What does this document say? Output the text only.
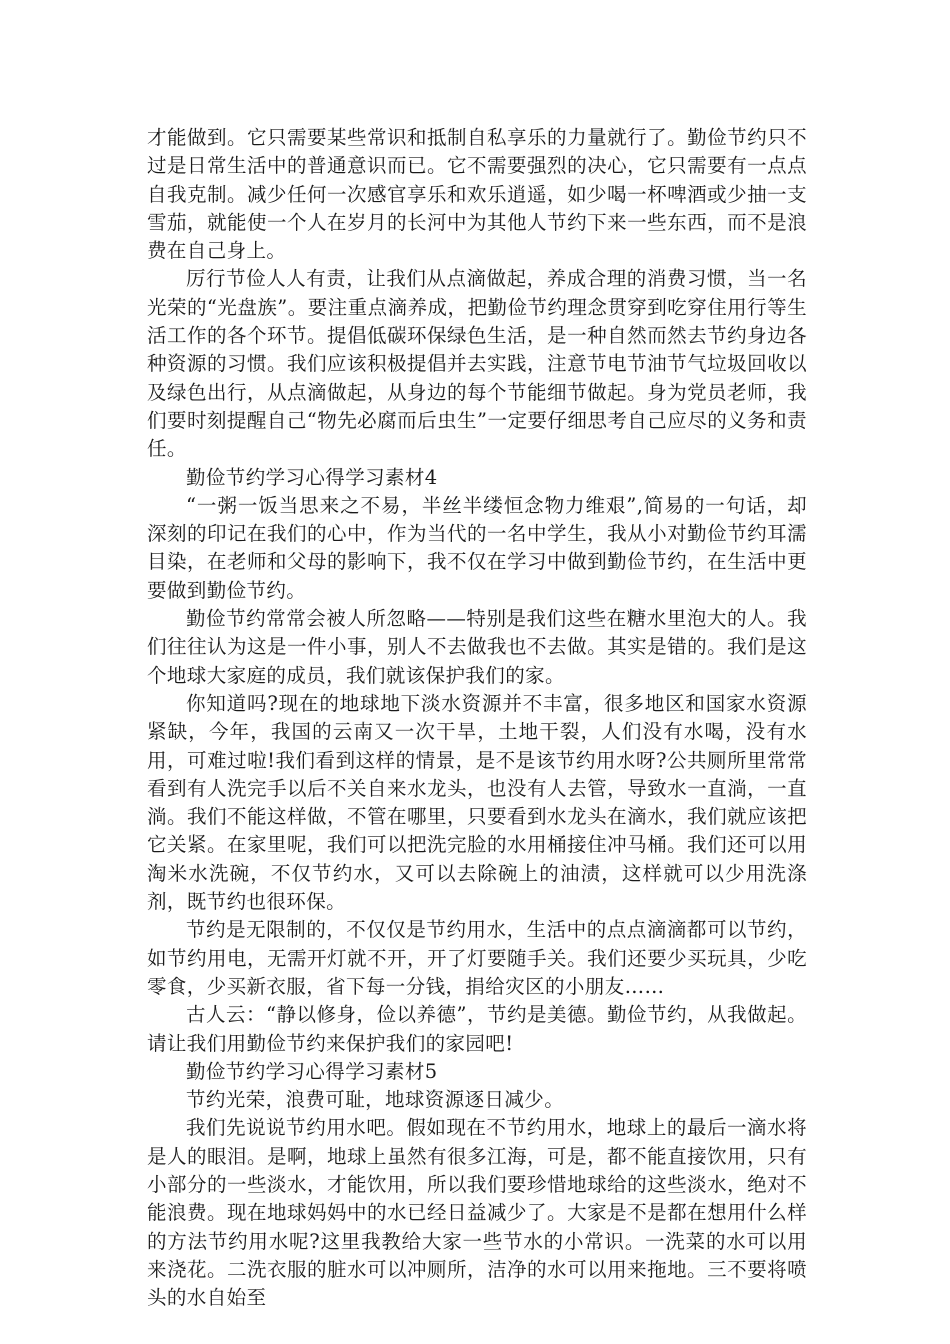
才能做到。它只需要某些常识和抵制自私享乐的力量就行了。勤俭节约只不过是日常生活中的普通意识而已。它不需要强烈的决心，它只需要有一点点自我克制。减少任何一次感官享乐和欢乐逍遥，如少喝一杯啤酒或少抽一支雪茄，就能使一个人在岁月的长河中为其他人节约下来一些东西，而不是浪费在自己身上。

厉行节俭人人有责，让我们从点滴做起，养成合理的消费习惯，当一名光荣的“光盘族”。要注重点滴养成，把勤俭节约理念贯穿到吃穿住用行等生活工作的各个环节。提倡低碳环保绿色生活，是一种自然而然去节约身边各种资源的习惯。我们应该积极提倡并去实践，注意节电节油节气垃圾回收以及绿色出行，从点滴做起，从身边的每个节能细节做起。身为党员老师，我们要时刻提醒自己“物先必腐而后虫生”一定要仔细思考自己应尽的义务和责任。

勤俭节约学习心得学习素材4

“一粥一饭当思来之不易，半丝半缕恒念物力维艰”,简易的一句话，却深刻的印记在我们的心中，作为当代的一名中学生，我从小对勤俭节约耳濡目染，在老师和父母的影响下，我不仅在学习中做到勤俭节约，在生活中更要做到勤俭节约。

勤俭节约常常会被人所忽略——特别是我们这些在糖水里泡大的人。我们往往认为这是一件小事，别人不去做我也不去做。其实是错的。我们是这个地球大家庭的成员，我们就该保护我们的家。

你知道吗?现在的地球地下淡水资源并不丰富，很多地区和国家水资源紧缺，今年，我国的云南又一次干旱，土地干裂，人们没有水喝，没有水用，可难过啦!我们看到这样的情景，是不是该节约用水呀?公共厕所里常常看到有人洗完手以后不关自来水龙头，也没有人去管，导致水一直淌，一直淌。我们不能这样做，不管在哪里，只要看到水龙头在滴水，我们就应该把它关紧。在家里呢，我们可以把洗完脸的水用桶接住冲马桶。我们还可以用淘米水洗碗，不仅节约水，又可以去除碗上的油渍，这样就可以少用洗涤剂，既节约也很环保。

节约是无限制的，不仅仅是节约用水，生活中的点点滴滴都可以节约，如节约用电，无需开灯就不开，开了灯要随手关。我们还要少买玩具，少吃零食，少买新衣服，省下每一分钱，捐给灾区的小朋友……

古人云：“静以修身，俭以养德”，节约是美德。勤俭节约，从我做起。请让我们用勤俭节约来保护我们的家园吧!

勤俭节约学习心得学习素材5

节约光荣，浪费可耻，地球资源逐日减少。

我们先说说节约用水吧。假如现在不节约用水，地球上的最后一滴水将是人的眼泪。是啊，地球上虽然有很多江海，可是，都不能直接饮用，只有小部分的一些淡水，才能饮用，所以我们要珍惜地球给的这些淡水，绝对不能浪费。现在地球妈妈中的水已经日益减少了。大家是不是都在想用什么样的方法节约用水呢?这里我教给大家一些节水的小常识。一洗菜的水可以用来浇花。二洗衣服的脏水可以冲厕所，洁净的水可以用来拖地。三不要将喷头的水自始至
